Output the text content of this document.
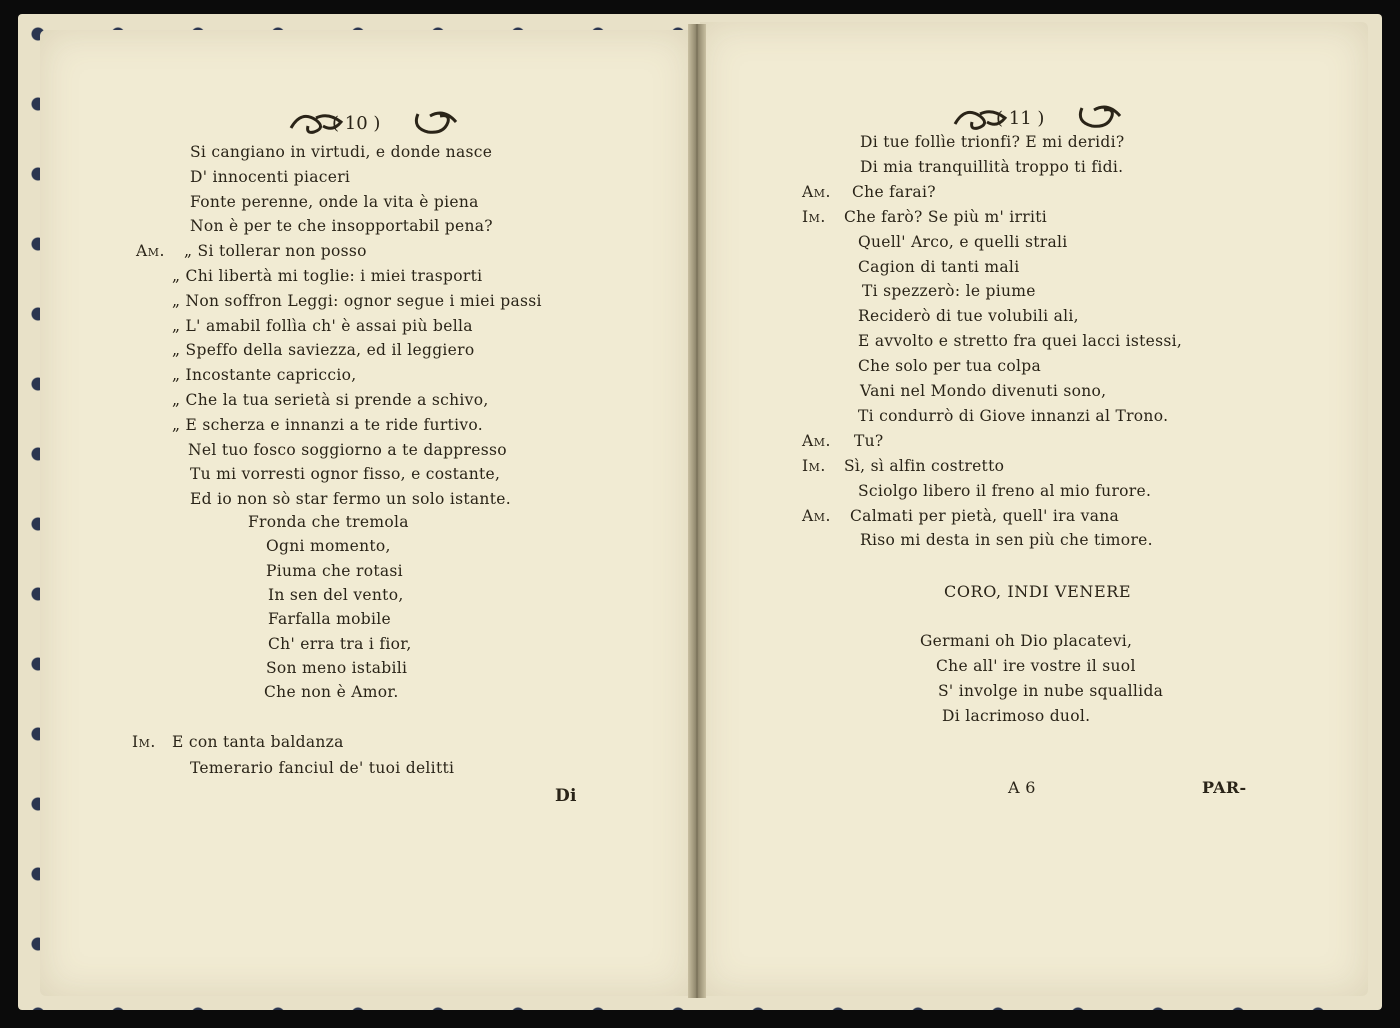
( 10 )
Si cangiano in virtudi, e donde nasce
D' innocenti piaceri
Fonte perenne, onde la vita è piena
Non è per te che insopportabil pena?
Am. „ Si tollerar non posso
„ Chi libertà mi toglie: i miei trasporti
„ Non soffron Leggi: ognor segue i miei passi
„ L' amabil follìa ch' è assai più bella
„ Speffo della saviezza, ed il leggiero
„ Incostante capriccio,
„ Che la tua serietà si prende a schivo,
„ E scherza e innanzi a te ride furtivo.
Nel tuo fosco soggiorno a te dappresso
Tu mi vorresti ognor fisso, e costante,
Ed io non sò star fermo un solo istante.
Fronda che tremola
Ogni momento,
Piuma che rotasi
In sen del vento,
Farfalla mobile
Ch' erra tra i fior,
Son meno istabili
Che non è Amor.
Im. E con tanta baldanza
Temerario fanciul de' tuoi delitti
Di
( 11 )
Di tue follìe trionfi? E mi deridi?
Di mia tranquillità troppo ti fidi.
Am. Che farai?
Im. Che farò? Se più m' irriti
Quell' Arco, e quelli strali
Cagion di tanti mali
Ti spezzerò: le piume
Reciderò di tue volubili ali,
E avvolto e stretto fra quei lacci istessi,
Che solo per tua colpa
Vani nel Mondo divenuti sono,
Ti condurrò di Giove innanzi al Trono.
Am. Tu?
Im. Sì, sì alfin costretto
Sciolgo libero il freno al mio furore.
Am. Calmati per pietà, quell' ira vana
Riso mi desta in sen più che timore.
CORO, INDI VENERE
Germani oh Dio placatevi,
Che all' ire vostre il suol
S' involge in nube squallida
Di lacrimoso duol.
A 6	PAR-
